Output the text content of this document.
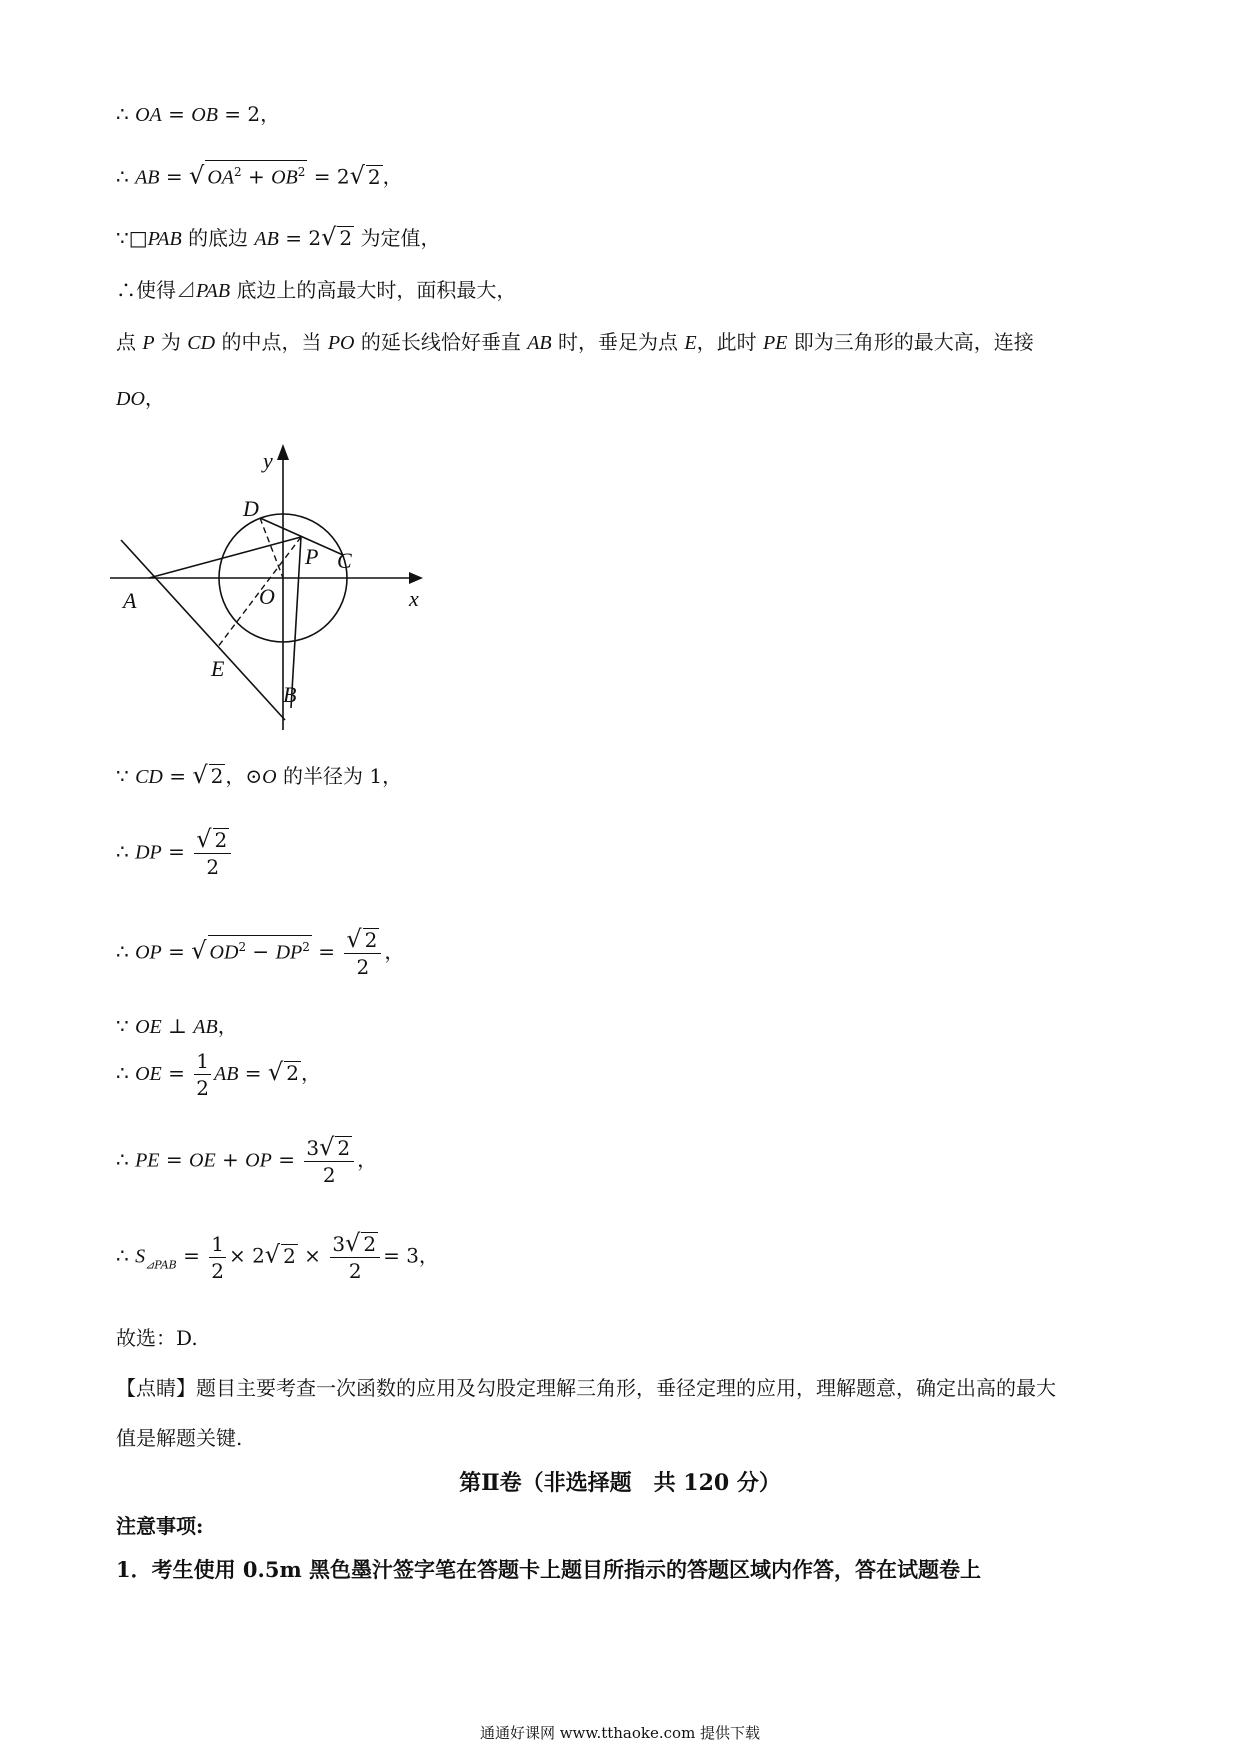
∴ OA = OB = 2，
∴ AB = √ $OA^2 + OB^2 = 2√$ 2 ，
∵□PAB 的底边 AB = 2√ 2 为定值，
∴使得⊿PAB 底边上的高最大时，面积最大，
点 P 为 CD 的中点，当 PO 的延长线恰好垂直 AB 时，垂足为点 E，此时 PE 即为三角形的最大高，连接
DO，
y
x
D
C
P
O
A
E
B
∵ CD = √ 2 ，⊙O 的半径为 1，
∴ DP = $\frac{√ 2}{2}$
∴ OP = √ $OD^2 - DP^2 = \frac{√ 2}{2}$ ，
∵ OE ⊥ AB，
∴ OE = $\frac{1}{2}$ AB = √ 2 ，
∴ PE = OE + OP = $\frac{3√ 2}{2}$ ，
∴ $S_{⊿PAB} = \frac{1}{2} \times 2√$ $2 \times \frac{3√ 2}{2} = 3$，
故选：D.
【点睛】题目主要考查一次函数的应用及勾股定理解三角形，垂径定理的应用，理解题意，确定出高的最大
值是解题关键.
第Ⅱ卷（非选择题　共 120 分）
注意事项:
1．考生使用 0.5m 黑色墨汁签字笔在答题卡上题目所指示的答题区域内作答，答在试题卷上
通通好课网 www.tthaoke.com 提供下载
